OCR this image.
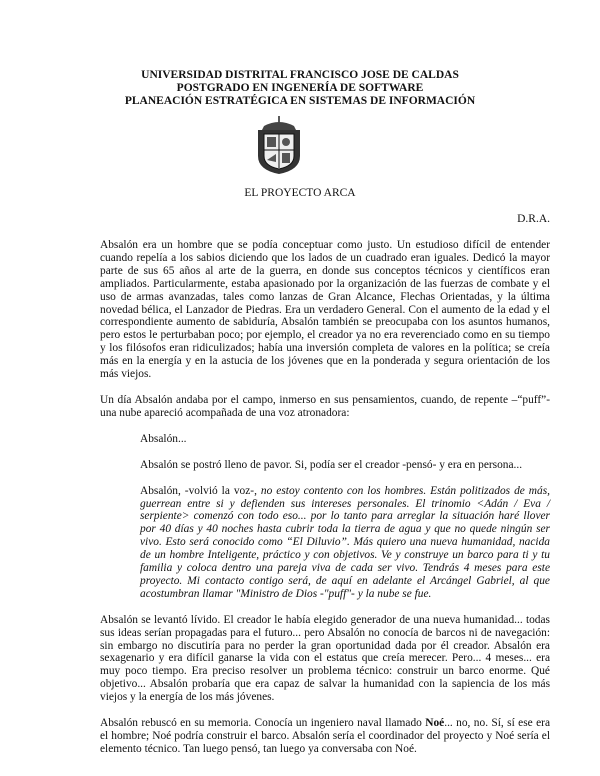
UNIVERSIDAD DISTRITAL FRANCISCO JOSE DE CALDAS
POSTGRADO EN INGENERÍA DE SOFTWARE
PLANEACIÓN ESTRATÉGICA EN SISTEMAS DE INFORMACIÓN
EL PROYECTO ARCA
D.R.A.

Absalón era un hombre que se podía conceptuar como justo. Un estudioso difícil de entender cuando repelía a los sabios diciendo que los lados de un cuadrado eran iguales. Dedicó la mayor parte de sus 65 años al arte de la guerra, en donde sus conceptos técnicos y científicos eran ampliados. Particularmente, estaba apasionado por la organización de las fuerzas de combate y el uso de armas avanzadas, tales como lanzas de Gran Alcance, Flechas Orientadas, y la última novedad bélica, el Lanzador de Piedras. Era un verdadero General. Con el aumento de la edad y el correspondiente aumento de sabiduría, Absalón también se preocupaba con los asuntos humanos, pero estos le perturbaban poco; por ejemplo, el creador ya no era reverenciado como en su tiempo y los filósofos eran ridiculizados; había una inversión completa de valores en la política; se creía más en la energía y en la astucia de los jóvenes que en la ponderada y segura orientación de los más viejos.

Un día Absalón andaba por el campo, inmerso en sus pensamientos, cuando, de repente –“puff”- una nube apareció acompañada de una voz atronadora:

Absalón...

Absalón se postró lleno de pavor. Si, podía ser el creador -pensó- y era en persona...

Absalón, -volvió la voz-, no estoy contento con los hombres. Están politizados de más, guerrean entre si y defienden sus intereses personales. El trinomio <Adán / Eva / serpiente> comenzó con todo eso... por lo tanto para arreglar la situación haré llover por 40 días y 40 noches hasta cubrir toda la tierra de agua y que no quede ningún ser vivo. Esto será conocido como “El Diluvio”. Más quiero una nueva humanidad, nacida de un hombre Inteligente, práctico y con objetivos. Ve y construye un barco para ti y tu familia y coloca dentro una pareja viva de cada ser vivo. Tendrás 4 meses para este proyecto. Mi contacto contigo será, de aquí en adelante el Arcángel Gabriel, al que acostumbran llamar "Ministro de Dios -"puff"- y la nube se fue.

Absalón se levantó lívido. El creador le había elegido generador de una nueva humanidad... todas sus ideas serían propagadas para el futuro... pero Absalón no conocía de barcos ni de navegación: sin embargo no discutiría para no perder la gran oportunidad dada por él creador. Absalón era sexagenario y era difícil ganarse la vida con el estatus que creía merecer. Pero... 4 meses... era muy poco tiempo. Era preciso resolver un problema técnico: construir un barco enorme. Qué objetivo... Absalón probaría que era capaz de salvar la humanidad con la sapiencia de los más viejos y la energía de los más jóvenes.

Absalón rebuscó en su memoria. Conocía un ingeniero naval llamado Noé... no, no. Sí, sí ese era el hombre; Noé podría construir el barco. Absalón sería el coordinador del proyecto y Noé sería el elemento técnico. Tan luego pensó, tan luego ya conversaba con Noé.
